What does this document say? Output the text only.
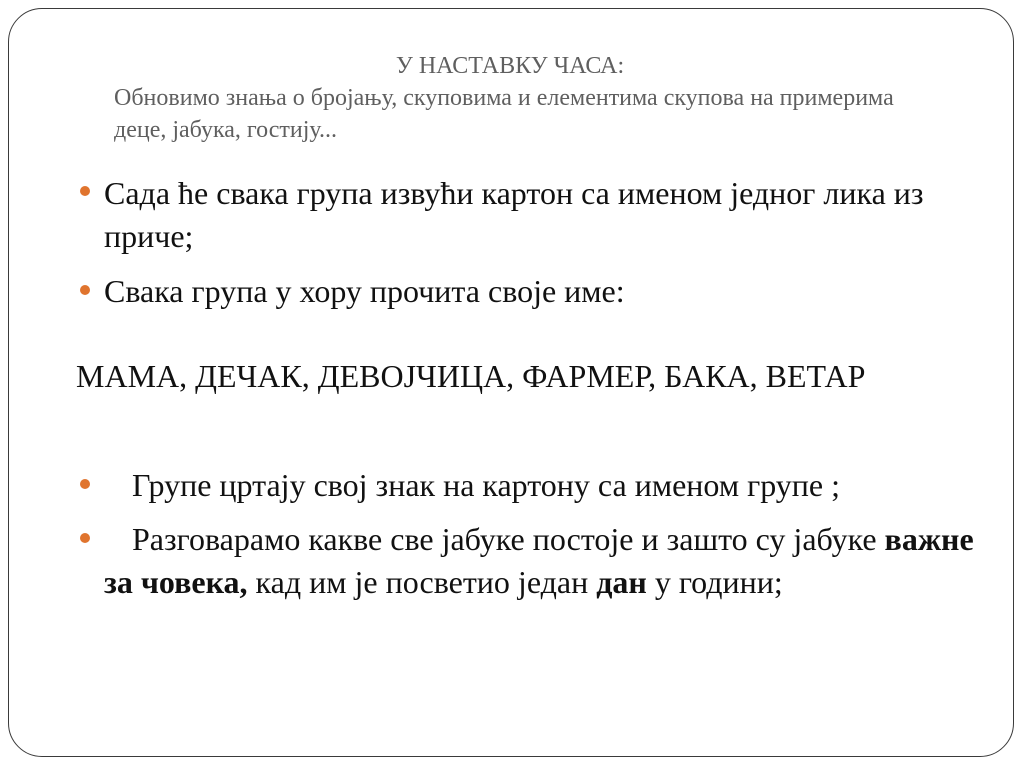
У НАСТАВКУ ЧАСА:
Обновимо знања о бројању, скуповима и елементима скупова на примерима деце, јабука, гостију...
Сада ће свака група извући картон са именом једног лика из приче;
Свака група у хору прочита своје име:
МАМА, ДЕЧАК, ДЕВОЈЧИЦА, ФАРМЕР, БАКА, ВЕТАР
Групе цртају свој знак на картону са именом групе ;
Разговарамо какве све јабуке постоје и зашто су јабуке важне за човека, кад им је посветио један дан у години;
